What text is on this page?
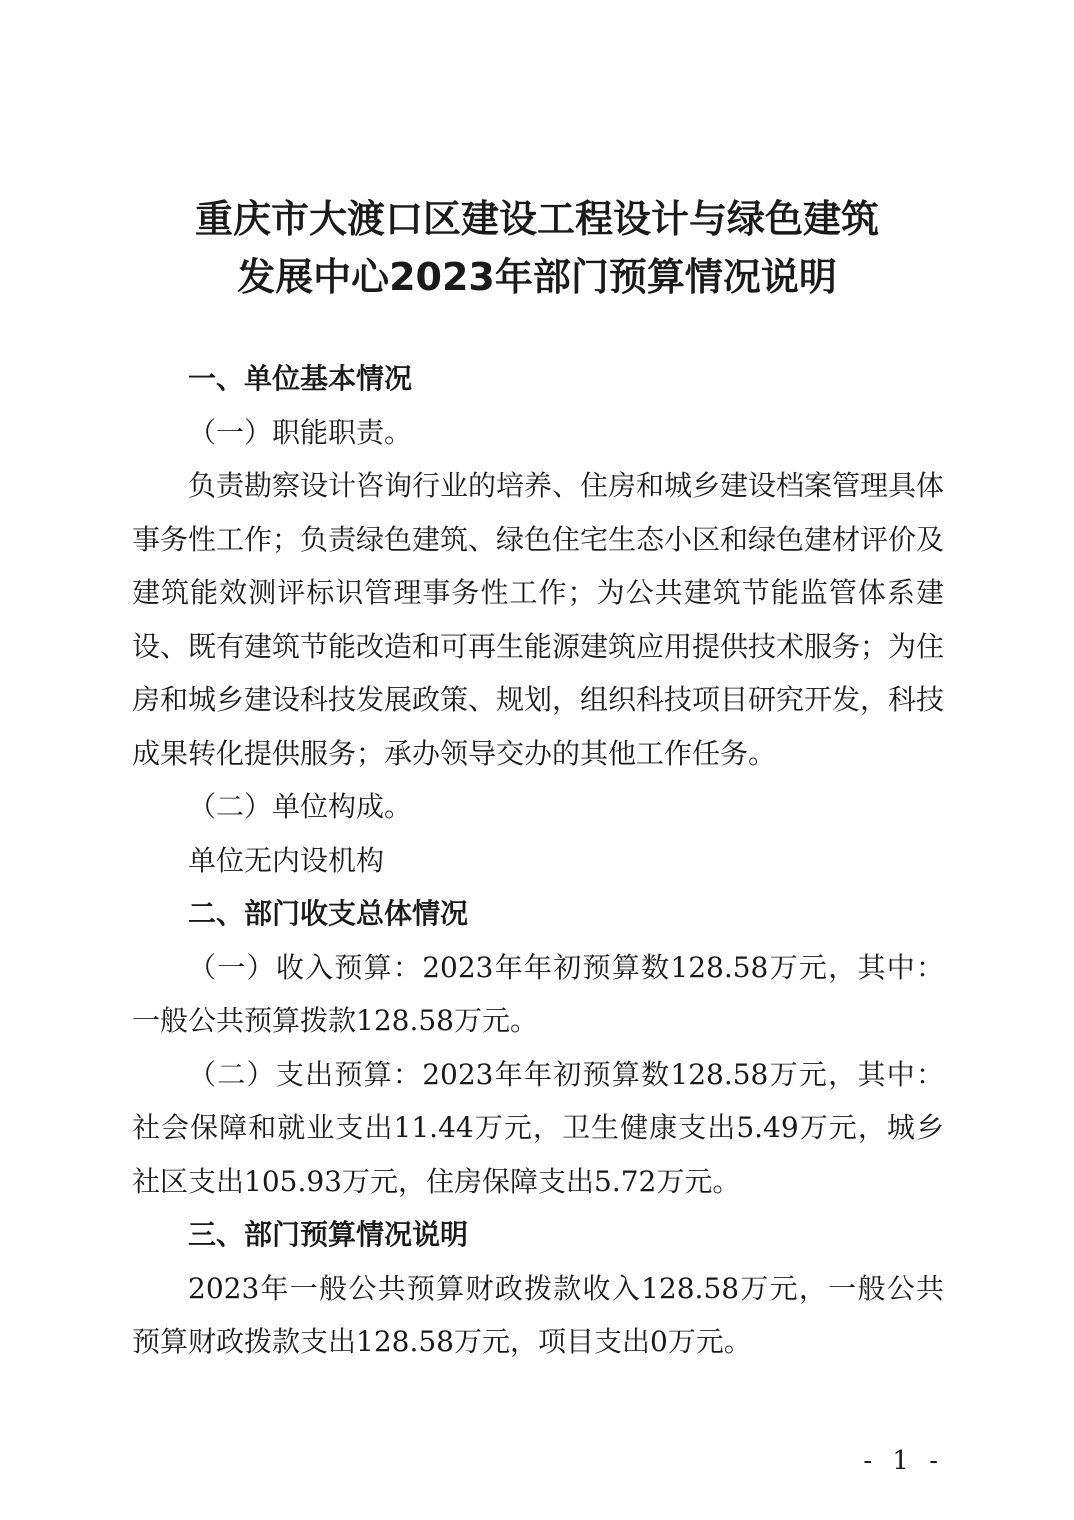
重庆市大渡口区建设工程设计与绿色建筑
发展中心2023年部门预算情况说明

一、单位基本情况

（一）职能职责。

负责勘察设计咨询行业的培养、住房和城乡建设档案管理具体事务性工作；负责绿色建筑、绿色住宅生态小区和绿色建材评价及建筑能效测评标识管理事务性工作；为公共建筑节能监管体系建设、既有建筑节能改造和可再生能源建筑应用提供技术服务；为住房和城乡建设科技发展政策、规划，组织科技项目研究开发，科技成果转化提供服务；承办领导交办的其他工作任务。

（二）单位构成。

单位无内设机构

二、部门收支总体情况

（一）收入预算：2023年年初预算数128.58万元，其中：一般公共预算拨款128.58万元。

（二）支出预算：2023年年初预算数128.58万元，其中：社会保障和就业支出11.44万元，卫生健康支出5.49万元，城乡社区支出105.93万元，住房保障支出5.72万元。

三、部门预算情况说明

2023年一般公共预算财政拨款收入128.58万元，一般公共预算财政拨款支出128.58万元，项目支出0万元。

- 1 -
